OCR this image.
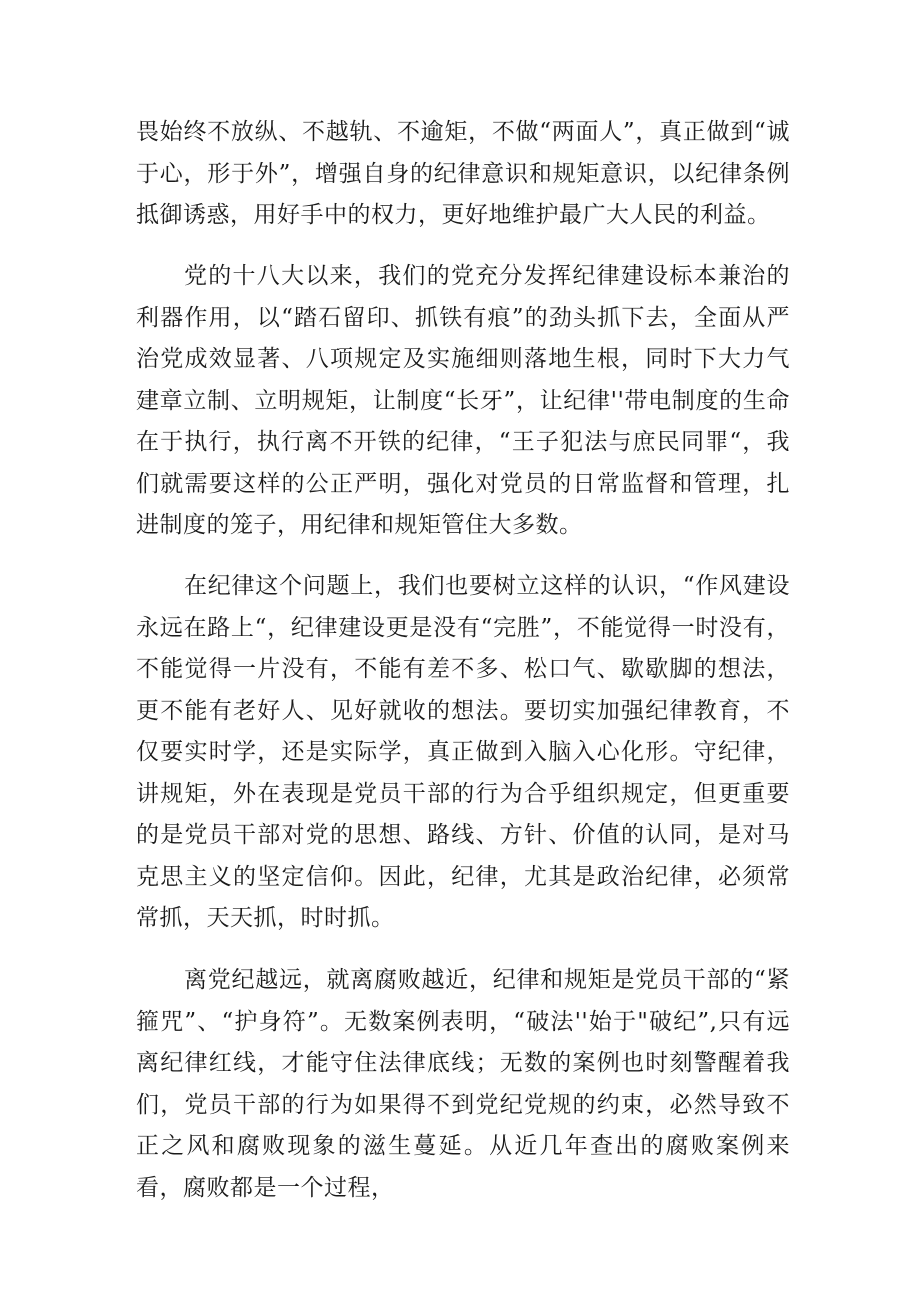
畏始终不放纵、不越轨、不逾矩，不做“两面人”，真正做到“诚于心，形于外”，增强自身的纪律意识和规矩意识，以纪律条例抵御诱惑，用好手中的权力，更好地维护最广大人民的利益。

党的十八大以来，我们的党充分发挥纪律建设标本兼治的利器作用，以“踏石留印、抓铁有痕”的劲头抓下去，全面从严治党成效显著、八项规定及实施细则落地生根，同时下大力气建章立制、立明规矩，让制度“长牙”，让纪律''带电制度的生命在于执行，执行离不开铁的纪律，“王子犯法与庶民同罪“，我们就需要这样的公正严明，强化对党员的日常监督和管理，扎进制度的笼子，用纪律和规矩管住大多数。

在纪律这个问题上，我们也要树立这样的认识，“作风建设永远在路上“，纪律建设更是没有“完胜”，不能觉得一时没有，不能觉得一片没有，不能有差不多、松口气、歇歇脚的想法，更不能有老好人、见好就收的想法。要切实加强纪律教育，不仅要实时学，还是实际学，真正做到入脑入心化形。守纪律，讲规矩，外在表现是党员干部的行为合乎组织规定，但更重要的是党员干部对党的思想、路线、方针、价值的认同，是对马克思主义的坚定信仰。因此，纪律，尤其是政治纪律，必须常常抓，天天抓，时时抓。

离党纪越远，就离腐败越近，纪律和规矩是党员干部的“紧箍咒”、“护身符”。无数案例表明，“破法''始于"破纪”,只有远离纪律红线，才能守住法律底线；无数的案例也时刻警醒着我们，党员干部的行为如果得不到党纪党规的约束，必然导致不正之风和腐败现象的滋生蔓延。从近几年查出的腐败案例来看，腐败都是一个过程，
